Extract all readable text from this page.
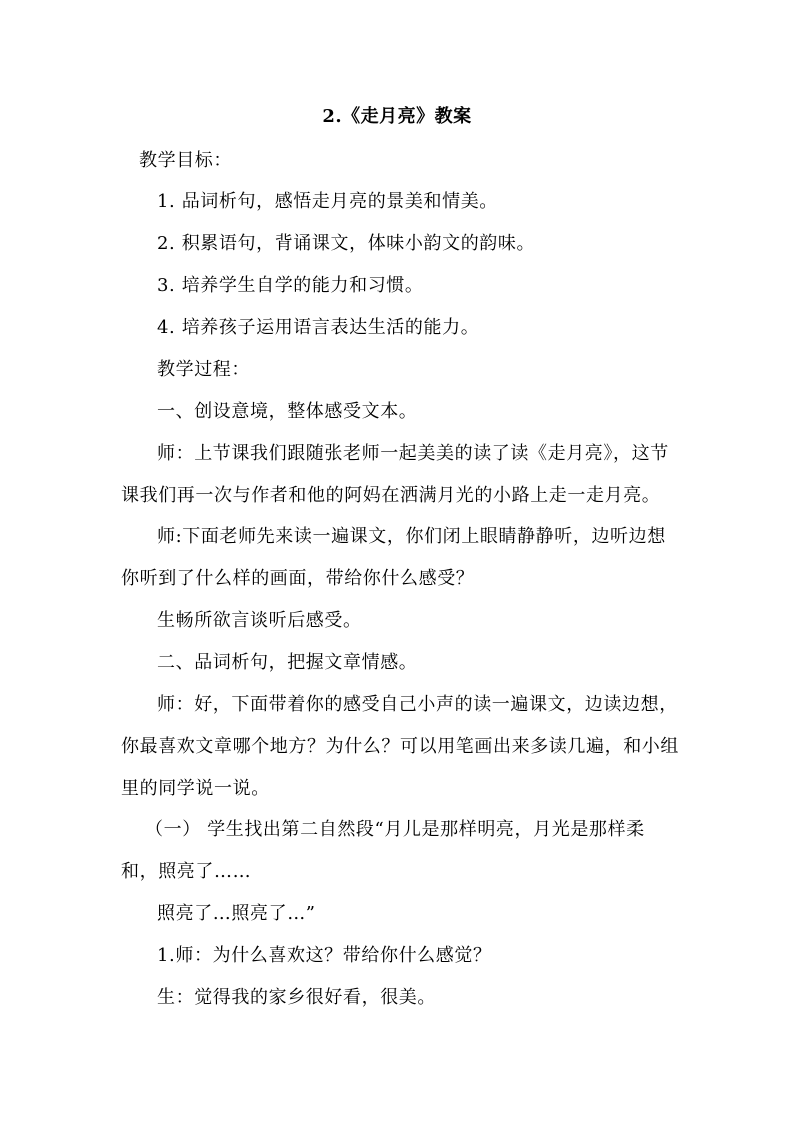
2.《走月亮》教案
教学目标：
1. 品词析句，感悟走月亮的景美和情美。
2. 积累语句，背诵课文，体味小韵文的韵味。
3. 培养学生自学的能力和习惯。
4. 培养孩子运用语言表达生活的能力。
教学过程：
一、创设意境，整体感受文本。
师：上节课我们跟随张老师一起美美的读了读《走月亮》，这节
课我们再一次与作者和他的阿妈在洒满月光的小路上走一走月亮。
师:下面老师先来读一遍课文，你们闭上眼睛静静听，边听边想
你听到了什么样的画面，带给你什么感受？
生畅所欲言谈听后感受。
二、品词析句，把握文章情感。
师：好，下面带着你的感受自己小声的读一遍课文，边读边想，
你最喜欢文章哪个地方？为什么？可以用笔画出来多读几遍，和小组
里的同学说一说。
（一） 学生找出第二自然段“月儿是那样明亮，月光是那样柔
和，照亮了……
照亮了…照亮了…”
1.师：为什么喜欢这？带给你什么感觉？
生：觉得我的家乡很好看，很美。
